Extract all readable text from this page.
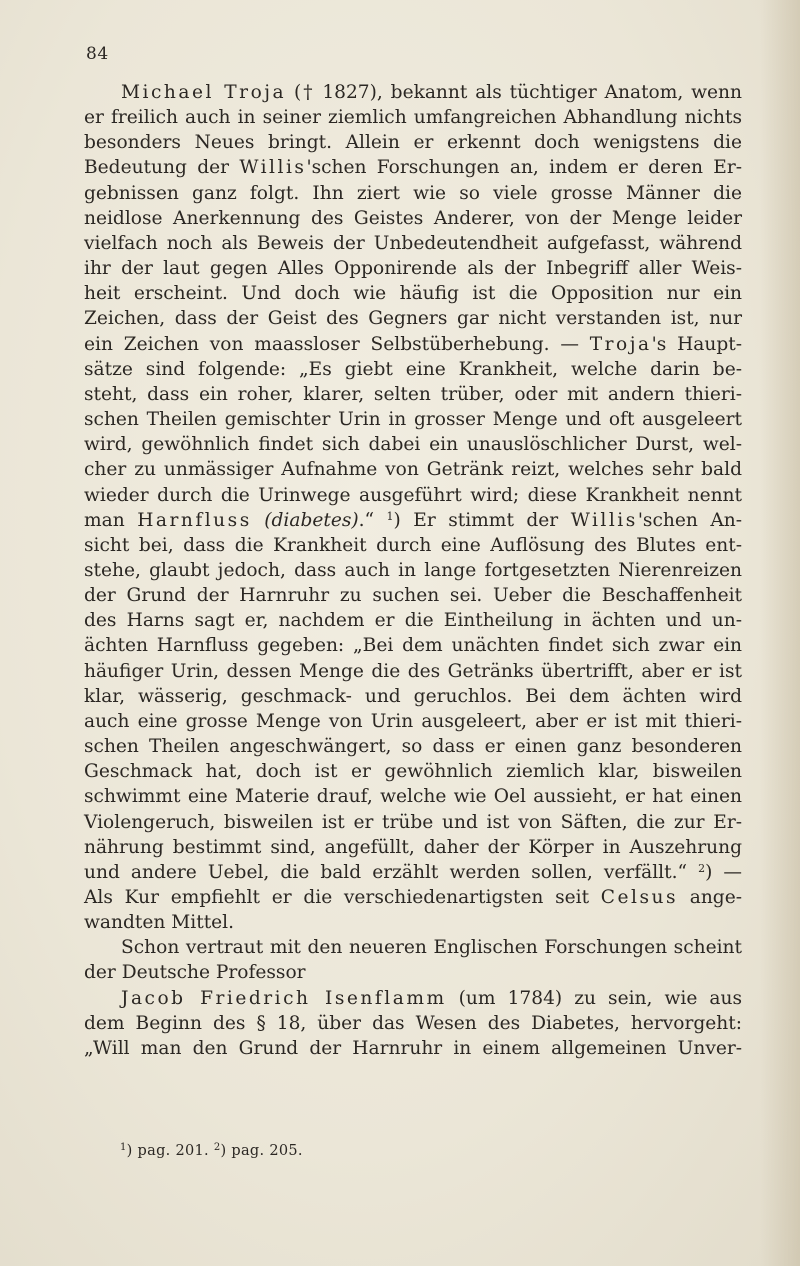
84
Michael Troja († 1827), bekannt als tüchtiger Anatom, wenn
er freilich auch in seiner ziemlich umfangreichen Abhandlung nichts
besonders Neues bringt. Allein er erkennt doch wenigstens die
Bedeutung der Willis'schen Forschungen an, indem er deren Er-
gebnissen ganz folgt. Ihn ziert wie so viele grosse Männer die
neidlose Anerkennung des Geistes Anderer, von der Menge leider
vielfach noch als Beweis der Unbedeutendheit aufgefasst, während
ihr der laut gegen Alles Opponirende als der Inbegriff aller Weis-
heit erscheint. Und doch wie häufig ist die Opposition nur ein
Zeichen, dass der Geist des Gegners gar nicht verstanden ist, nur
ein Zeichen von maassloser Selbstüberhebung. — Troja's Haupt-
sätze sind folgende: „Es giebt eine Krankheit, welche darin be-
steht, dass ein roher, klarer, selten trüber, oder mit andern thieri-
schen Theilen gemischter Urin in grosser Menge und oft ausgeleert
wird, gewöhnlich findet sich dabei ein unauslöschlicher Durst, wel-
cher zu unmässiger Aufnahme von Getränk reizt, welches sehr bald
wieder durch die Urinwege ausgeführt wird; diese Krankheit nennt
man Harnfluss (diabetes).“ $^1$) Er stimmt der Willis'schen An-
sicht bei, dass die Krankheit durch eine Auflösung des Blutes ent-
stehe, glaubt jedoch, dass auch in lange fortgesetzten Nierenreizen
der Grund der Harnruhr zu suchen sei. Ueber die Beschaffenheit
des Harns sagt er, nachdem er die Eintheilung in ächten und un-
ächten Harnfluss gegeben: „Bei dem unächten findet sich zwar ein
häufiger Urin, dessen Menge die des Getränks übertrifft, aber er ist
klar, wässerig, geschmack- und geruchlos. Bei dem ächten wird
auch eine grosse Menge von Urin ausgeleert, aber er ist mit thieri-
schen Theilen angeschwängert, so dass er einen ganz besonderen
Geschmack hat, doch ist er gewöhnlich ziemlich klar, bisweilen
schwimmt eine Materie drauf, welche wie Oel aussieht, er hat einen
Violengeruch, bisweilen ist er trübe und ist von Säften, die zur Er-
nährung bestimmt sind, angefüllt, daher der Körper in Auszehrung
und andere Uebel, die bald erzählt werden sollen, verfällt.“ $^2$) —
Als Kur empfiehlt er die verschiedenartigsten seit Celsus ange-
wandten Mittel.
Schon vertraut mit den neueren Englischen Forschungen scheint
der Deutsche Professor
Jacob Friedrich Isenflamm (um 1784) zu sein, wie aus
dem Beginn des § 18, über das Wesen des Diabetes, hervorgeht:
„Will man den Grund der Harnruhr in einem allgemeinen Unver-
$^1$) pag. 201. $^2$) pag. 205.
